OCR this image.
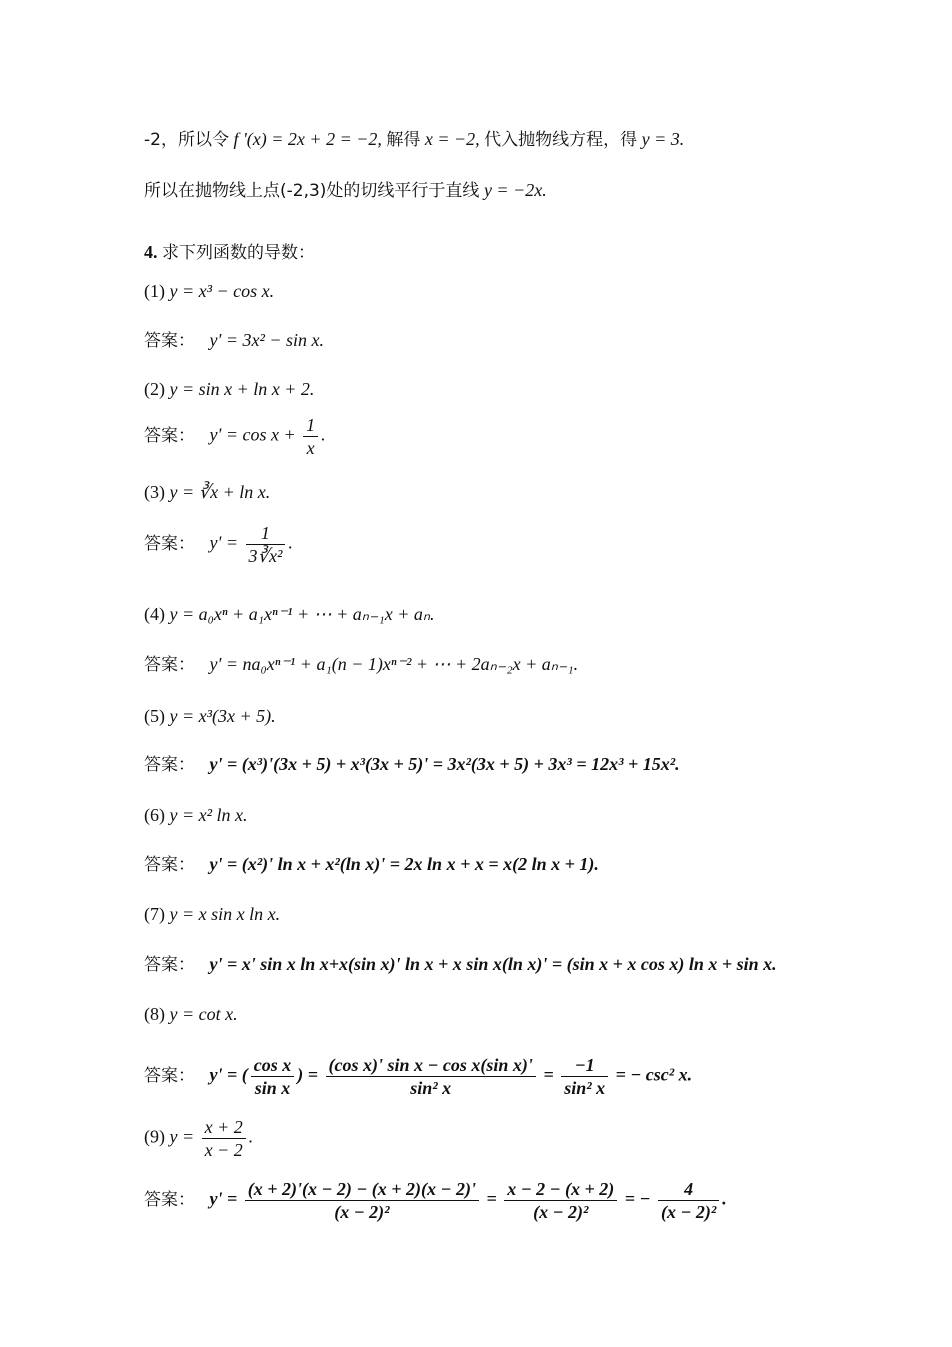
-2，所以令 f '(x) = 2x + 2 = −2, 解得 x = −2, 代入抛物线方程，得 y = 3.
所以在抛物线上点(-2,3)处的切线平行于直线 y = −2x.
4. 求下列函数的导数：
(1) y = x³ − cos x.
答案： y' = 3x² − sin x.
(2) y = sin x + ln x + 2.
答案： $y' = \cos x + \frac{1}{x}$ .
(3) y = ∛x + ln x.
答案： $y' = \frac{1}{\text{3∛x²}}$ .
(4) y = a₀xⁿ + a₁xⁿ⁻¹ + ⋯ + aₙ₋₁x + aₙ.
答案： y' = na₀xⁿ⁻¹ + a₁(n − 1)xⁿ⁻² + ⋯ + 2aₙ₋₂x + aₙ₋₁.
(5) y = x³(3x + 5).
答案： y' = (x³)'(3x + 5) + x³(3x + 5)' = 3x²(3x + 5) + 3x³ = 12x³ + 15x².
(6) y = x² ln x.
答案： y' = (x²)' ln x + x²(ln x)' = 2x ln x + x = x(2 ln x + 1).
(7) y = x sin x ln x.
答案： y' = x' sin x ln x+x(sin x)' ln x + x sin x(ln x)' = (sin x + x cos x) ln x + sin x.
(8) y = cot x.
答案： y' = ( $\frac{\text{cos x}}{\text{sin x}}$ ) = $\frac{\text{(cos x)' sin x − cos x(sin x)'}}{\text{sin² x}} = \frac{-1}{\text{sin² x}}$ = − csc² x.
(9) $y = \frac{x + 2}{x - 2}$ .
答案： $y' = \frac{(x + 2)'(x - 2) - (x + 2)(x - 2)'}{\text{(x − 2)²}} = \frac{x - 2 - (x + 2)}{\text{(x − 2)²}}$ = − $\frac{4}{\text{(x − 2)²}}$ .
